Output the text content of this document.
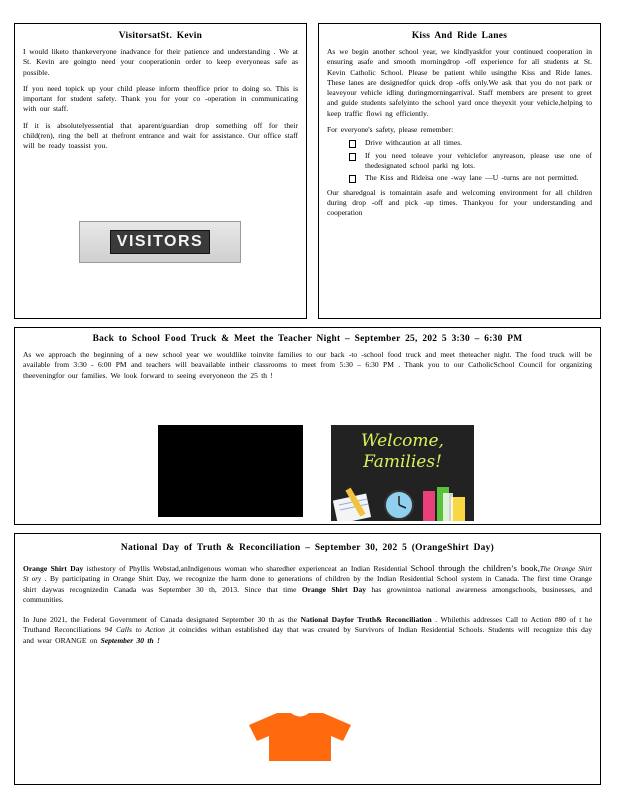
VisitorsatSt. Kevin

I would liketo thankeveryone inadvance for their patience and understanding . We at St. Kevin are goingto need your cooperationin order to keep everyoneas safe as possible.

If you need topick up your child please inform theoffice prior to doing so. This is important for student safety. Thank you for your co -operation in communicating with our staff.

If it is absolutelyessential that aparent/guardian drop something off for their child(ren), ring the bell at thefront entrance and wait for assistance. Our office staff will be ready toassist you.

VISITORS
Kiss And Ride Lanes

As we begin another school year, we kindlyaskfor your continued cooperation in ensuring asafe and smooth morningdrop -off experience for all students at St. Kevin Catholic School. Please be patient while usingthe Kiss and Ride lanes. These lanes are designedfor quick drop -offs only.We ask that you do not park or leaveyour vehicle idling duringmorningarrival. Staff members are present to greet and guide students safelyinto the school yard once theyexit your vehicle,helping to keep traffic flowi ng efficiently.

For everyone's safety, please remember:

Drive withcaution at all times.
If you need toleave your vehiclefor anyreason, please use one of thedesignated school parki ng lots.
The Kiss and Rideisa one -way lane —U -turns are not permitted.

Our sharedgoal is tomaintain asafe and welcoming environment for all children during drop -off and pick -up times. Thankyou for your understanding and cooperation

Back to School Food Truck & Meet the Teacher Night – September 25, 202 5 3:30 – 6:30 PM

As we approach the beginning of a new school year we wouldlike toinvite families to our back -to -school food truck and meet theteacher night. The food truck will be available from 3:30 - 6:00 PM and teachers will beavailable intheir classrooms to meet from 5:30 – 6:30 PM . Thank you to our CatholicSchool Council for organizing theeveningfor our families. We look forward to seeing everyoneon the 25 th !

Welcome,
Families!
National Day of Truth & Reconciliation – September 30, 202 5 (OrangeShirt Day)

Orange Shirt Day isthestory of Phyllis Webstad,anIndigenous woman who sharedher experienceat an Indian Residential School through the children’s book,The Orange Shirt St ory . By participating in Orange Shirt Day, we recognize the harm done to generations of children by the Indian Residential School system in Canada. The first time Orange shirt daywas recognizedin Canada was September 30 th, 2013. Since that time Orange Shirt Day has grownintoa national awareness amongschools, businesses, and communities.

In June 2021, the Federal Government of Canada designated September 30 th as the National Dayfor Truth& Reconciliation . Whilethis addresses Call to Action #80 of t he Truthand Reconciliations 94 Calls to Action ,it coincides withan established day that was created by Survivors of Indian Residential Schools. Students will recognize this day and wear ORANGE on September 30 th !
